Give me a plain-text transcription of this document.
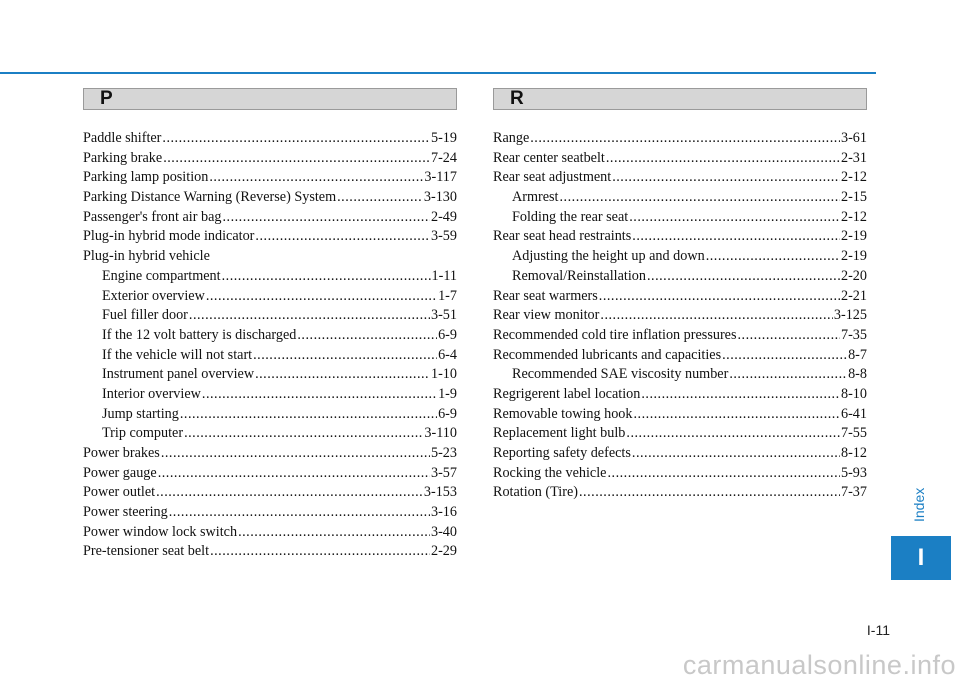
P	R
Paddle shifter .....	5-19
Parking brake .....	7-24
Parking lamp position .....	3-117
Parking Distance Warning (Reverse) System .....	3-130
Passenger's front air bag .....	2-49
Plug-in hybrid mode indicator .....	3-59
Plug-in hybrid vehicle
Engine compartment .....	1-11
Exterior overview .....	1-7
Fuel filler door .....	3-51
If the 12 volt battery is discharged .....	6-9
If the vehicle will not start .....	6-4
Instrument panel overview .....	1-10
Interior overview .....	1-9
Jump starting .....	6-9
Trip computer .....	3-110
Power brakes .....	5-23
Power gauge .....	3-57
Power outlet .....	3-153
Power steering .....	3-16
Power window lock switch .....	3-40
Pre-tensioner seat belt .....	2-29
Range .....	3-61
Rear center seatbelt .....	2-31
Rear seat adjustment .....	2-12
Armrest .....	2-15
Folding the rear seat .....	2-12
Rear seat head restraints .....	2-19
Adjusting the height up and down .....	2-19
Removal/Reinstallation .....	2-20
Rear seat warmers .....	2-21
Rear view monitor .....	3-125
Recommended cold tire inflation pressures .....	7-35
Recommended lubricants and capacities .....	8-7
Recommended SAE viscosity number .....	8-8
Regrigerent label location .....	8-10
Removable towing hook .....	6-41
Replacement light bulb .....	7-55
Reporting safety defects .....	8-12
Rocking the vehicle .....	5-93
Rotation (Tire) .....	7-37	Index
I
I-11
carmanualsonline.info
